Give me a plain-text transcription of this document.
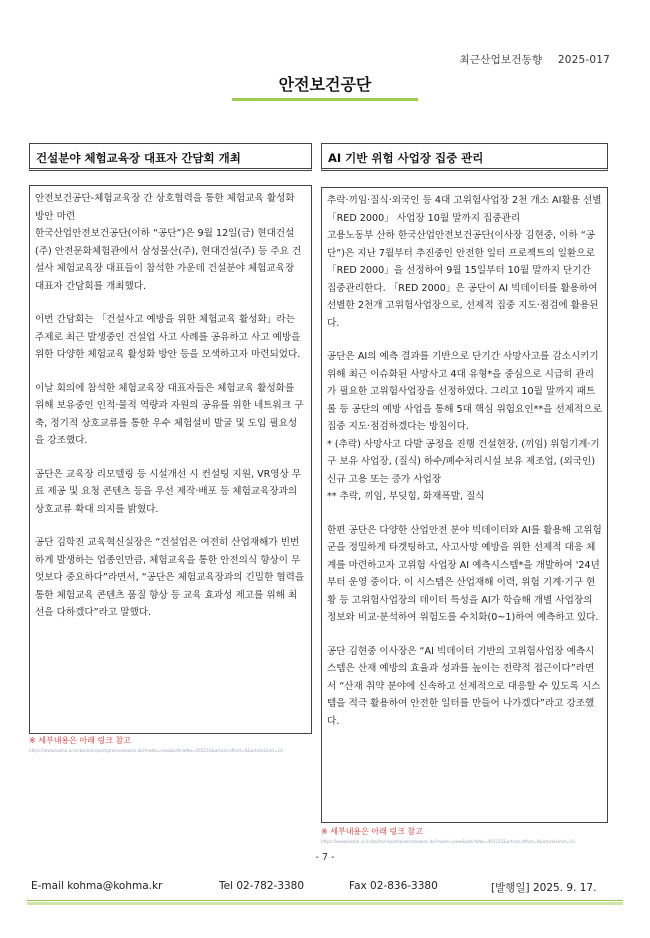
최근산업보건동향 2025-017
안전보건공단
건설분야 체험교육장 대표자 간담회 개최	AI 기반 위험 사업장 집중 관리

안전보건공단-체험교육장 간 상호협력을 통한 체험교육 활성화 방안 마련

한국산업안전보건공단(이하 “공단”)은 9월 12일(금) 현대건설(주) 안전문화체험관에서 삼성물산(주), 현대건설(주) 등 주요 건설사 체험교육장 대표들이 참석한 가운데 건설분야 체험교육장 대표자 간담회를 개최했다.

이번 간담회는 「건설사고 예방을 위한 체험교육 활성화」라는 주제로 최근 발생중인 건설업 사고 사례를 공유하고 사고 예방을 위한 다양한 체험교육 활성화 방안 등을 모색하고자 마련되었다.

이날 회의에 참석한 체험교육장 대표자들은 체험교육 활성화를 위해 보유중인 인적·물적 역량과 자원의 공유를 위한 네트워크 구축, 정기적 상호교류를 통한 우수 체험설비 발굴 및 도입 필요성을 강조했다.

공단은 교육장 리모델링 등 시설개선 시 컨설팅 지원, VR영상 무료 제공 및 요청 콘텐츠 등을 우선 제작·배포 등 체험교육장과의 상호교류 확대 의지를 밝혔다.

공단 김학진 교육혁신실장은 “건설업은 여전히 산업재해가 빈번하게 발생하는 업종인만큼, 체험교육을 통한 안전의식 향상이 무엇보다 중요하다”라면서, “공단은 체험교육장과의 긴밀한 협력을 통한 체험교육 콘텐츠 품질 향상 등 교육 효과성 제고를 위해 최선을 다하겠다”라고 말했다.

※ 세부내용은 아래 링크 참고
https://www.kosha.or.kr/kosha/report/pressreleases.do?mode=view&articleNo=455210&article.offset=0&articleLimit=10

추락·끼임·질식·외국인 등 4대 고위험사업장 2천 개소 AI활용 선별 「RED 2000」 사업장 10월 말까지 집중관리

고용노동부 산하 한국산업안전보건공단(이사장 김현중, 이하 “공단”)은 지난 7월부터 추진중인 안전한 일터 프로젝트의 일환으로 「RED 2000」을 선정하여 9월 15일부터 10월 말까지 단기간 집중관리한다. 「RED 2000」은 공단이 AI 빅데이터를 활용하여 선별한 2천개 고위험사업장으로, 선제적 집중 지도·점검에 활용된다.

공단은 AI의 예측 결과를 기반으로 단기간 사망사고를 감소시키기 위해 최근 이슈화된 사망사고 4대 유형*을 중심으로 시급히 관리가 필요한 고위험사업장을 선정하였다. 그리고 10월 말까지 패트롤 등 공단의 예방 사업을 통해 5대 핵심 위험요인**을 선제적으로 집중 지도·점검하겠다는 방침이다.

* (추락) 사망사고 다발 공정을 진행 건설현장, (끼임) 위험기계·기구 보유 사업장, (질식) 하수/폐수처리시설 보유 제조업, (외국인) 신규 고용 또는 증가 사업장

** 추락, 끼임, 부딪힘, 화재폭발, 질식

한편 공단은 다양한 산업안전 분야 빅데이터와 AI를 활용해 고위험군을 정밀하게 타겟팅하고, 사고사망 예방을 위한 선제적 대응 체계를 마련하고자 고위험 사업장 AI 예측시스템*을 개발하여 '24년부터 운영 중이다. 이 시스템은 산업재해 이력, 위험 기계·기구 현황 등 고위험사업장의 데이터 특성을 AI가 학습해 개별 사업장의 정보와 비교·분석하여 위험도를 수치화(0~1)하여 예측하고 있다.

공단 김현중 이사장은 “AI 빅데이터 기반의 고위험사업장 예측시스템은 산재 예방의 효율과 성과를 높이는 전략적 접근이다”라면서 “산재 취약 분야에 신속하고 선제적으로 대응할 수 있도록 시스템을 적극 활용하여 안전한 일터를 만들어 나가겠다”라고 강조했다.

※ 세부내용은 아래 링크 참고
https://www.kosha.or.kr/kosha/report/pressreleases.do?mode=view&articleNo=455215&article.offset=0&articleLimit=10
- 7 -
E-mail kohma@kohma.kr	Tel 02-782-3380	Fax 02-836-3380	[발행일] 2025. 9. 17.
